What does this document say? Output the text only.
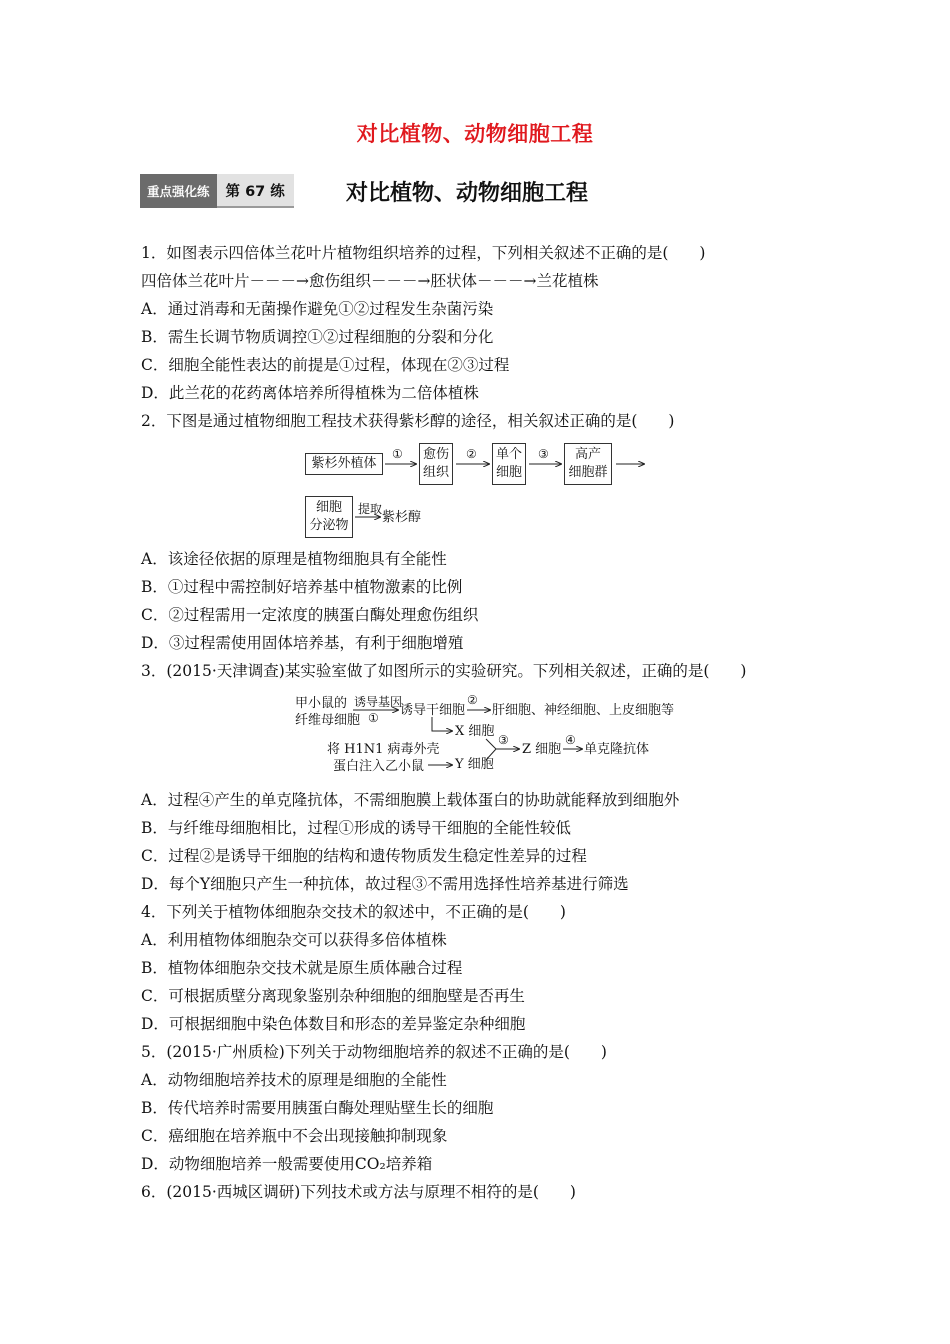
对比植物、动物细胞工程
重点强化练	第 67 练	对比植物、动物细胞工程
1．如图表示四倍体兰花叶片植物组织培养的过程，下列相关叙述不正确的是(　　)
四倍体兰花叶片－－－→愈伤组织－－－→胚状体－－－→兰花植株
A．通过消毒和无菌操作避免①②过程发生杂菌污染
B．需生长调节物质调控①②过程细胞的分裂和分化
C．细胞全能性表达的前提是①过程，体现在②③过程
D．此兰花的花药离体培养所得植株为二倍体植株
2．下图是通过植物细胞工程技术获得紫杉醇的途径，相关叙述正确的是(　　)
紫杉外植体
愈伤
组织
单个
细胞
高产
细胞群
细胞
分泌物
①	②	③
提取
紫杉醇
A．该途径依据的原理是植物细胞具有全能性
B．①过程中需控制好培养基中植物激素的比例
C．②过程需用一定浓度的胰蛋白酶处理愈伤组织
D．③过程需使用固体培养基，有利于细胞增殖
3．(2015·天津调查)某实验室做了如图所示的实验研究。下列相关叙述，正确的是(　　)
甲小鼠的
纤维母细胞
诱导基因
① 诱导干细胞
②
肝细胞、神经细胞、上皮细胞等
X 细胞
将 H1N1 病毒外壳
蛋白注入乙小鼠 Y 细胞
③
Z 细胞
④
单克隆抗体
A．过程④产生的单克隆抗体，不需细胞膜上载体蛋白的协助就能释放到细胞外
B．与纤维母细胞相比，过程①形成的诱导干细胞的全能性较低
C．过程②是诱导干细胞的结构和遗传物质发生稳定性差异的过程
D．每个Y细胞只产生一种抗体，故过程③不需用选择性培养基进行筛选
4．下列关于植物体细胞杂交技术的叙述中，不正确的是(　　)
A．利用植物体细胞杂交可以获得多倍体植株
B．植物体细胞杂交技术就是原生质体融合过程
C．可根据质壁分离现象鉴别杂种细胞的细胞壁是否再生
D．可根据细胞中染色体数目和形态的差异鉴定杂种细胞
5．(2015·广州质检)下列关于动物细胞培养的叙述不正确的是(　　)
A．动物细胞培养技术的原理是细胞的全能性
B．传代培养时需要用胰蛋白酶处理贴壁生长的细胞
C．癌细胞在培养瓶中不会出现接触抑制现象
D．动物细胞培养一般需要使用CO₂培养箱
6．(2015·西城区调研)下列技术或方法与原理不相符的是(　　)
